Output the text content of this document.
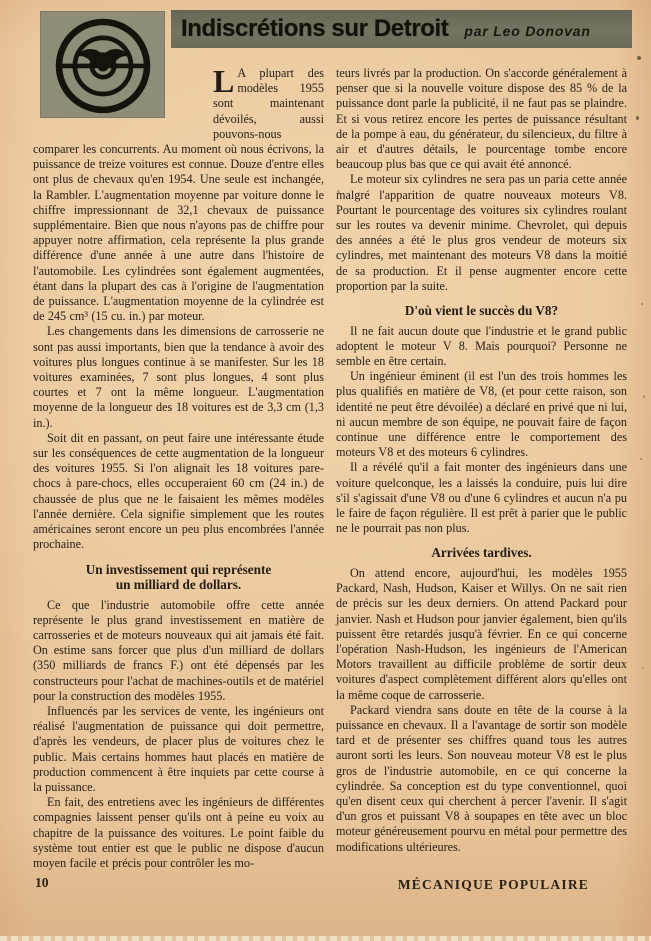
Indiscrétions sur Detroit par Leo Donovan

L A plupart des modèles 1955 sont maintenant dévoilés, aussi pouvons-nous comparer les concurrents. Au moment où nous écrivons, la puissance de treize voitures est connue. Douze d'entre elles ont plus de chevaux qu'en 1954. Une seule est inchangée, la Rambler. L'augmentation moyenne par voiture donne le chiffre impressionnant de 32,1 chevaux de puissance supplémentaire. Bien que nous n'ayons pas de chiffre pour appuyer notre affirmation, cela représente la plus grande différence d'une année à une autre dans l'histoire de l'automobile. Les cylindrées sont également augmentées, étant dans la plupart des cas à l'origine de l'augmentation de puissance. L'augmentation moyenne de la cylindrée est de 245 cm³ (15 cu. in.) par moteur.

Les changements dans les dimensions de carrosserie ne sont pas aussi importants, bien que la tendance à avoir des voitures plus longues continue à se manifester. Sur les 18 voitures examinées, 7 sont plus longues, 4 sont plus courtes et 7 ont la même longueur. L'augmentation moyenne de la longueur des 18 voitures est de 3,3 cm (1,3 in.).

Soit dit en passant, on peut faire une intéressante étude sur les conséquences de cette augmentation de la longueur des voitures 1955. Si l'on alignait les 18 voitures pare-chocs à pare-chocs, elles occuperaient 60 cm (24 in.) de chaussée de plus que ne le faisaient les mêmes modèles l'année dernière. Cela signifie simplement que les routes américaines seront encore un peu plus encombrées l'année prochaine.

Un investissement qui représente
un milliard de dollars.

Ce que l'industrie automobile offre cette année représente le plus grand investissement en matière de carrosseries et de moteurs nouveaux qui ait jamais été fait. On estime sans forcer que plus d'un milliard de dollars (350 milliards de francs F.) ont été dépensés par les constructeurs pour l'achat de machines-outils et de matériel pour la construction des modèles 1955.

Influencés par les services de vente, les ingénieurs ont réalisé l'augmentation de puissance qui doit permettre, d'après les vendeurs, de placer plus de voitures chez le public. Mais certains hommes haut placés en matière de production commencent à être inquiets par cette course à la puissance.

En fait, des entretiens avec les ingénieurs de différentes compagnies laissent penser qu'ils ont à peine eu voix au chapitre de la puissance des voitures. Le point faible du système tout entier est que le public ne dispose d'aucun moyen facile et précis pour contrôler les mo-

teurs livrés par la production. On s'accorde généralement à penser que si la nouvelle voiture dispose des 85 % de la puissance dont parle la publicité, il ne faut pas se plaindre. Et si vous retirez encore les pertes de puissance résultant de la pompe à eau, du générateur, du silencieux, du filtre à air et d'autres détails, le pourcentage tombe encore beaucoup plus bas que ce qui avait été annoncé.

Le moteur six cylindres ne sera pas un paria cette année malgré l'apparition de quatre nouveaux moteurs V8. Pourtant le pourcentage des voitures six cylindres roulant sur les routes va devenir minime. Chevrolet, qui depuis des années a été le plus gros vendeur de moteurs six cylindres, met maintenant des moteurs V8 dans la moitié de sa production. Et il pense augmenter encore cette proportion par la suite.

D'où vient le succès du V8?

Il ne fait aucun doute que l'industrie et le grand public adoptent le moteur V 8. Mais pourquoi? Personne ne semble en être certain.

Un ingénieur éminent (il est l'un des trois hommes les plus qualifiés en matière de V8, (et pour cette raison, son identité ne peut être dévoilée) a déclaré en privé que ni lui, ni aucun membre de son équipe, ne pouvait faire de façon continue une différence entre le comportement des moteurs V8 et des moteurs 6 cylindres.

Il a révélé qu'il a fait monter des ingénieurs dans une voiture quelconque, les a laissés la conduire, puis lui dire s'il s'agissait d'une V8 ou d'une 6 cylindres et aucun n'a pu le faire de façon régulière. Il est prêt à parier que le public ne le pourrait pas non plus.

Arrivées tardives.

On attend encore, aujourd'hui, les modèles 1955 Packard, Nash, Hudson, Kaiser et Willys. On ne sait rien de précis sur les deux derniers. On attend Packard pour janvier. Nash et Hudson pour janvier également, bien qu'ils puissent être retardés jusqu'à février. En ce qui concerne l'opération Nash-Hudson, les ingénieurs de l'American Motors travaillent au difficile problème de sortir deux voitures d'aspect complètement différent alors qu'elles ont la même coque de carrosserie.

Packard viendra sans doute en tête de la course à la puissance en chevaux. Il a l'avantage de sortir son modèle tard et de présenter ses chiffres quand tous les autres auront sorti les leurs. Son nouveau moteur V8 est le plus gros de l'industrie automobile, en ce qui concerne la cylindrée. Sa conception est du type conventionnel, quoi qu'en disent ceux qui cherchent à percer l'avenir. Il s'agit d'un gros et puissant V8 à soupapes en tête avec un bloc moteur généreusement pourvu en métal pour permettre des modifications ultérieures.

10	MÉCANIQUE POPULAIRE
